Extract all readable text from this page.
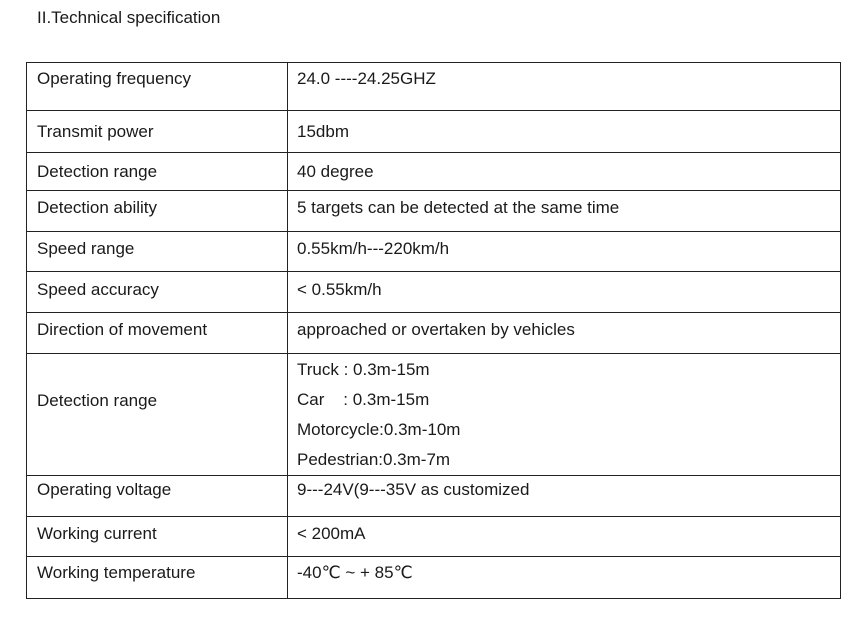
II.Technical specification
Operating frequency	24.0 ----24.25GHZ

Transmit power	15dbm

Detection range	40 degree

Detection ability	5 targets can be detected at the same time

Speed range	0.55km/h---220km/h

Speed accuracy	< 0.55km/h

Direction of movement	approached or overtaken by vehicles

Detection range	Truck : 0.3m-15m
Car    : 0.3m-15m
Motorcycle:0.3m-10m
Pedestrian:0.3m-7m

Operating voltage	9---24V(9---35V as customized

Working current	< 200mA

Working temperature	-40℃ ~ + 85℃
